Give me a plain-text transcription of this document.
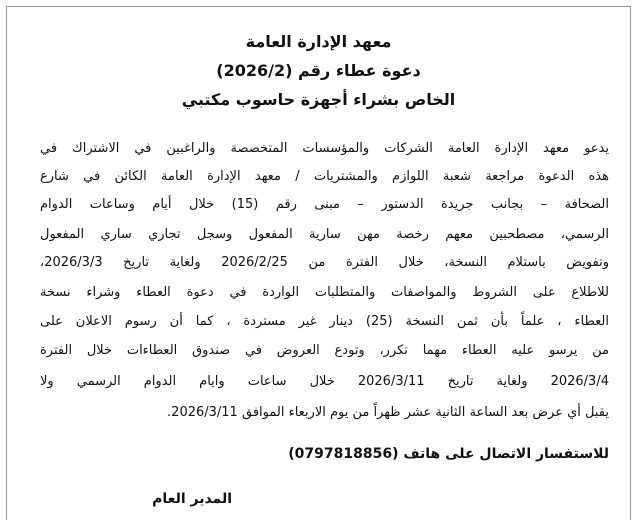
معهد الإدارة العامة
دعوة عطاء رقم (2026/2)
الخاص بشراء أجهزة حاسوب مكتبي
يدعو معهد الإدارة العامة الشركات والمؤسسات المتخصصة والراغبين في الاشتراك في
هذه الدعوة مراجعة شعبة اللوازم والمشتريات / معهد الإدارة العامة الكائن في شارع
الصحافة – بجانب جريدة الدستور – مبنى رقم (15) خلال أيام وساعات الدوام
الرسمي، مصطحبين معهم رخصة مهن سارية المفعول وسجل تجاري ساري المفعول
وتفويض باستلام النسخة، خلال الفترة من 2026/2/25 ولغاية تاريخ 2026/3/3،
للاطلاع على الشروط والمواصفات والمتطلبات الواردة في دعوة العطاء وشراء نسخة
العطاء ، علماً بأن ثمن النسخة (25) دينار غير مستردة ، كما أن رسوم الاعلان على
من يرسو عليه العطاء مهما تكرر، وتودع العروض في صندوق العطاءات خلال الفترة
2026/3/4 ولغاية تاريخ 2026/3/11 خلال ساعات وايام الدوام الرسمي ولا
يقبل أي عرض بعد الساعة الثانية عشر ظهراً من يوم الاربعاء الموافق 2026/3/11.
للاستفسار الاتصال على هاتف (0797818856)
المدير العام
